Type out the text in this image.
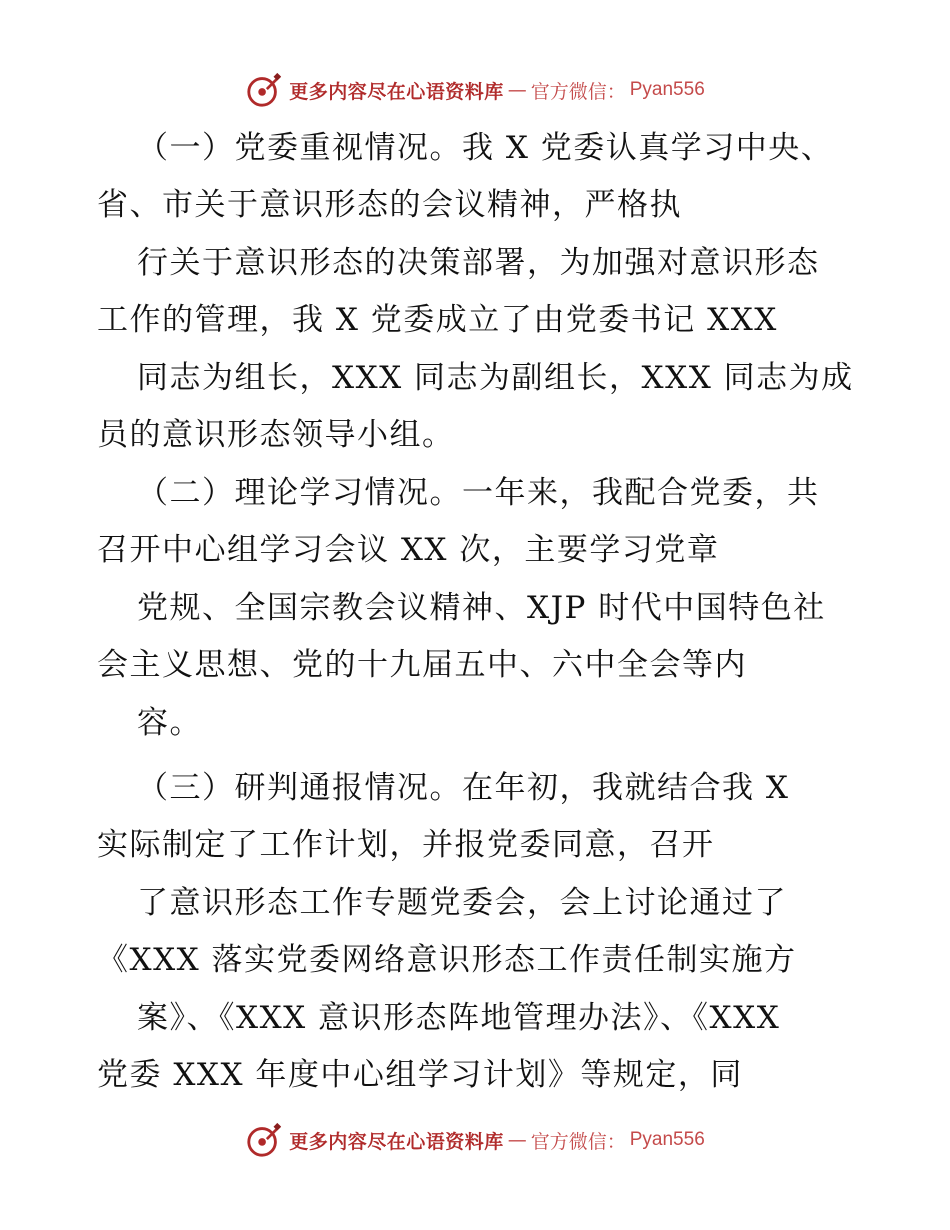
更多内容尽在心语资料库 — 官方微信： Pyan556
（一）党委重视情况。我 X 党委认真学习中央、
省、市关于意识形态的会议精神，严格执
行关于意识形态的决策部署，为加强对意识形态
工作的管理，我 X 党委成立了由党委书记 XXX
同志为组长，XXX 同志为副组长，XXX 同志为成
员的意识形态领导小组。
（二）理论学习情况。一年来，我配合党委，共
召开中心组学习会议 XX 次，主要学习党章
党规、全国宗教会议精神、XJP 时代中国特色社
会主义思想、党的十九届五中、六中全会等内
容。
（三）研判通报情况。在年初，我就结合我 X
实际制定了工作计划，并报党委同意，召开
了意识形态工作专题党委会，会上讨论通过了
《XXX 落实党委网络意识形态工作责任制实施方
案》、《XXX 意识形态阵地管理办法》、《XXX
党委 XXX 年度中心组学习计划》等规定，同
更多内容尽在心语资料库 — 官方微信： Pyan556
